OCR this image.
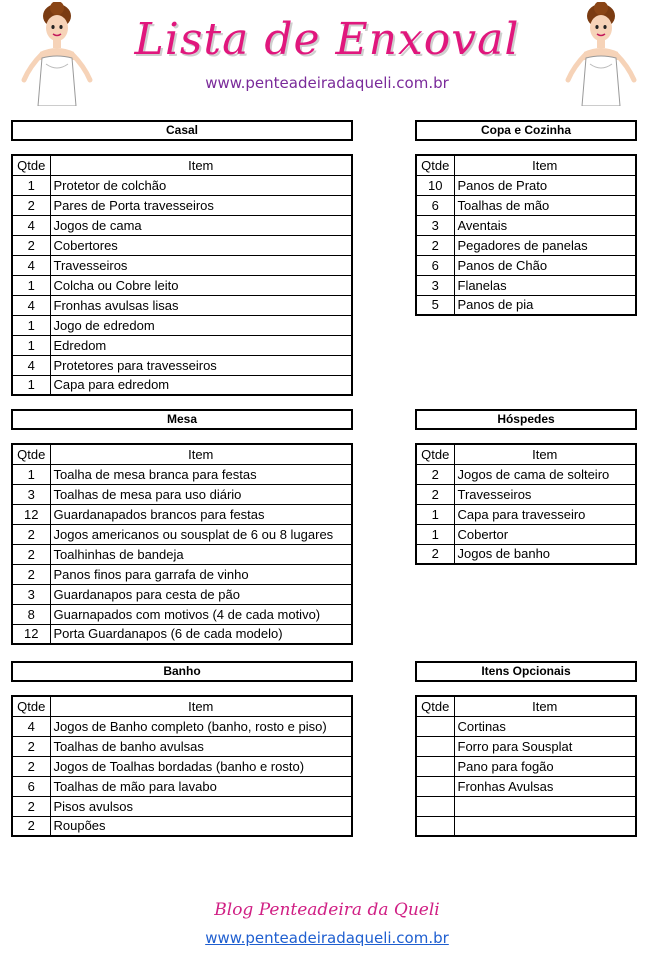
Lista de Enxoval
www.penteadeiradaqueli.com.br
Casal
Qtde	Item
1	Protetor de colchão
2	Pares de Porta travesseiros
4	Jogos de cama
2	Cobertores
4	Travesseiros
1	Colcha ou Cobre leito
4	Fronhas avulsas lisas
1	Jogo de edredom
1	Edredom
4	Protetores para travesseiros
1	Capa para edredom
Copa e Cozinha
Qtde	Item
10	Panos de Prato
6	Toalhas de mão
3	Aventais
2	Pegadores de panelas
6	Panos de Chão
3	Flanelas
5	Panos de pia
Mesa
Qtde	Item
1	Toalha de mesa branca para festas
3	Toalhas de mesa para uso diário
12	Guardanapados brancos para festas
2	Jogos americanos ou sousplat de 6 ou 8 lugares
2	Toalhinhas de bandeja
2	Panos finos para garrafa de vinho
3	Guardanapos para cesta de pão
8	Guarnapados com motivos (4 de cada motivo)
12	Porta Guardanapos (6 de cada modelo)
Hóspedes
Qtde	Item
2	Jogos de cama de solteiro
2	Travesseiros
1	Capa para travesseiro
1	Cobertor
2	Jogos de banho
Banho
Qtde	Item
4	Jogos de Banho completo (banho, rosto e piso)
2	Toalhas de banho avulsas
2	Jogos de Toalhas bordadas (banho e rosto)
6	Toalhas de mão para lavabo
2	Pisos avulsos
2	Roupões
Itens Opcionais
Qtde	Item
	Cortinas
	Forro para Sousplat
	Pano para fogão
	Fronhas Avulsas

Blog Penteadeira da Queli
www.penteadeiradaqueli.com.br
